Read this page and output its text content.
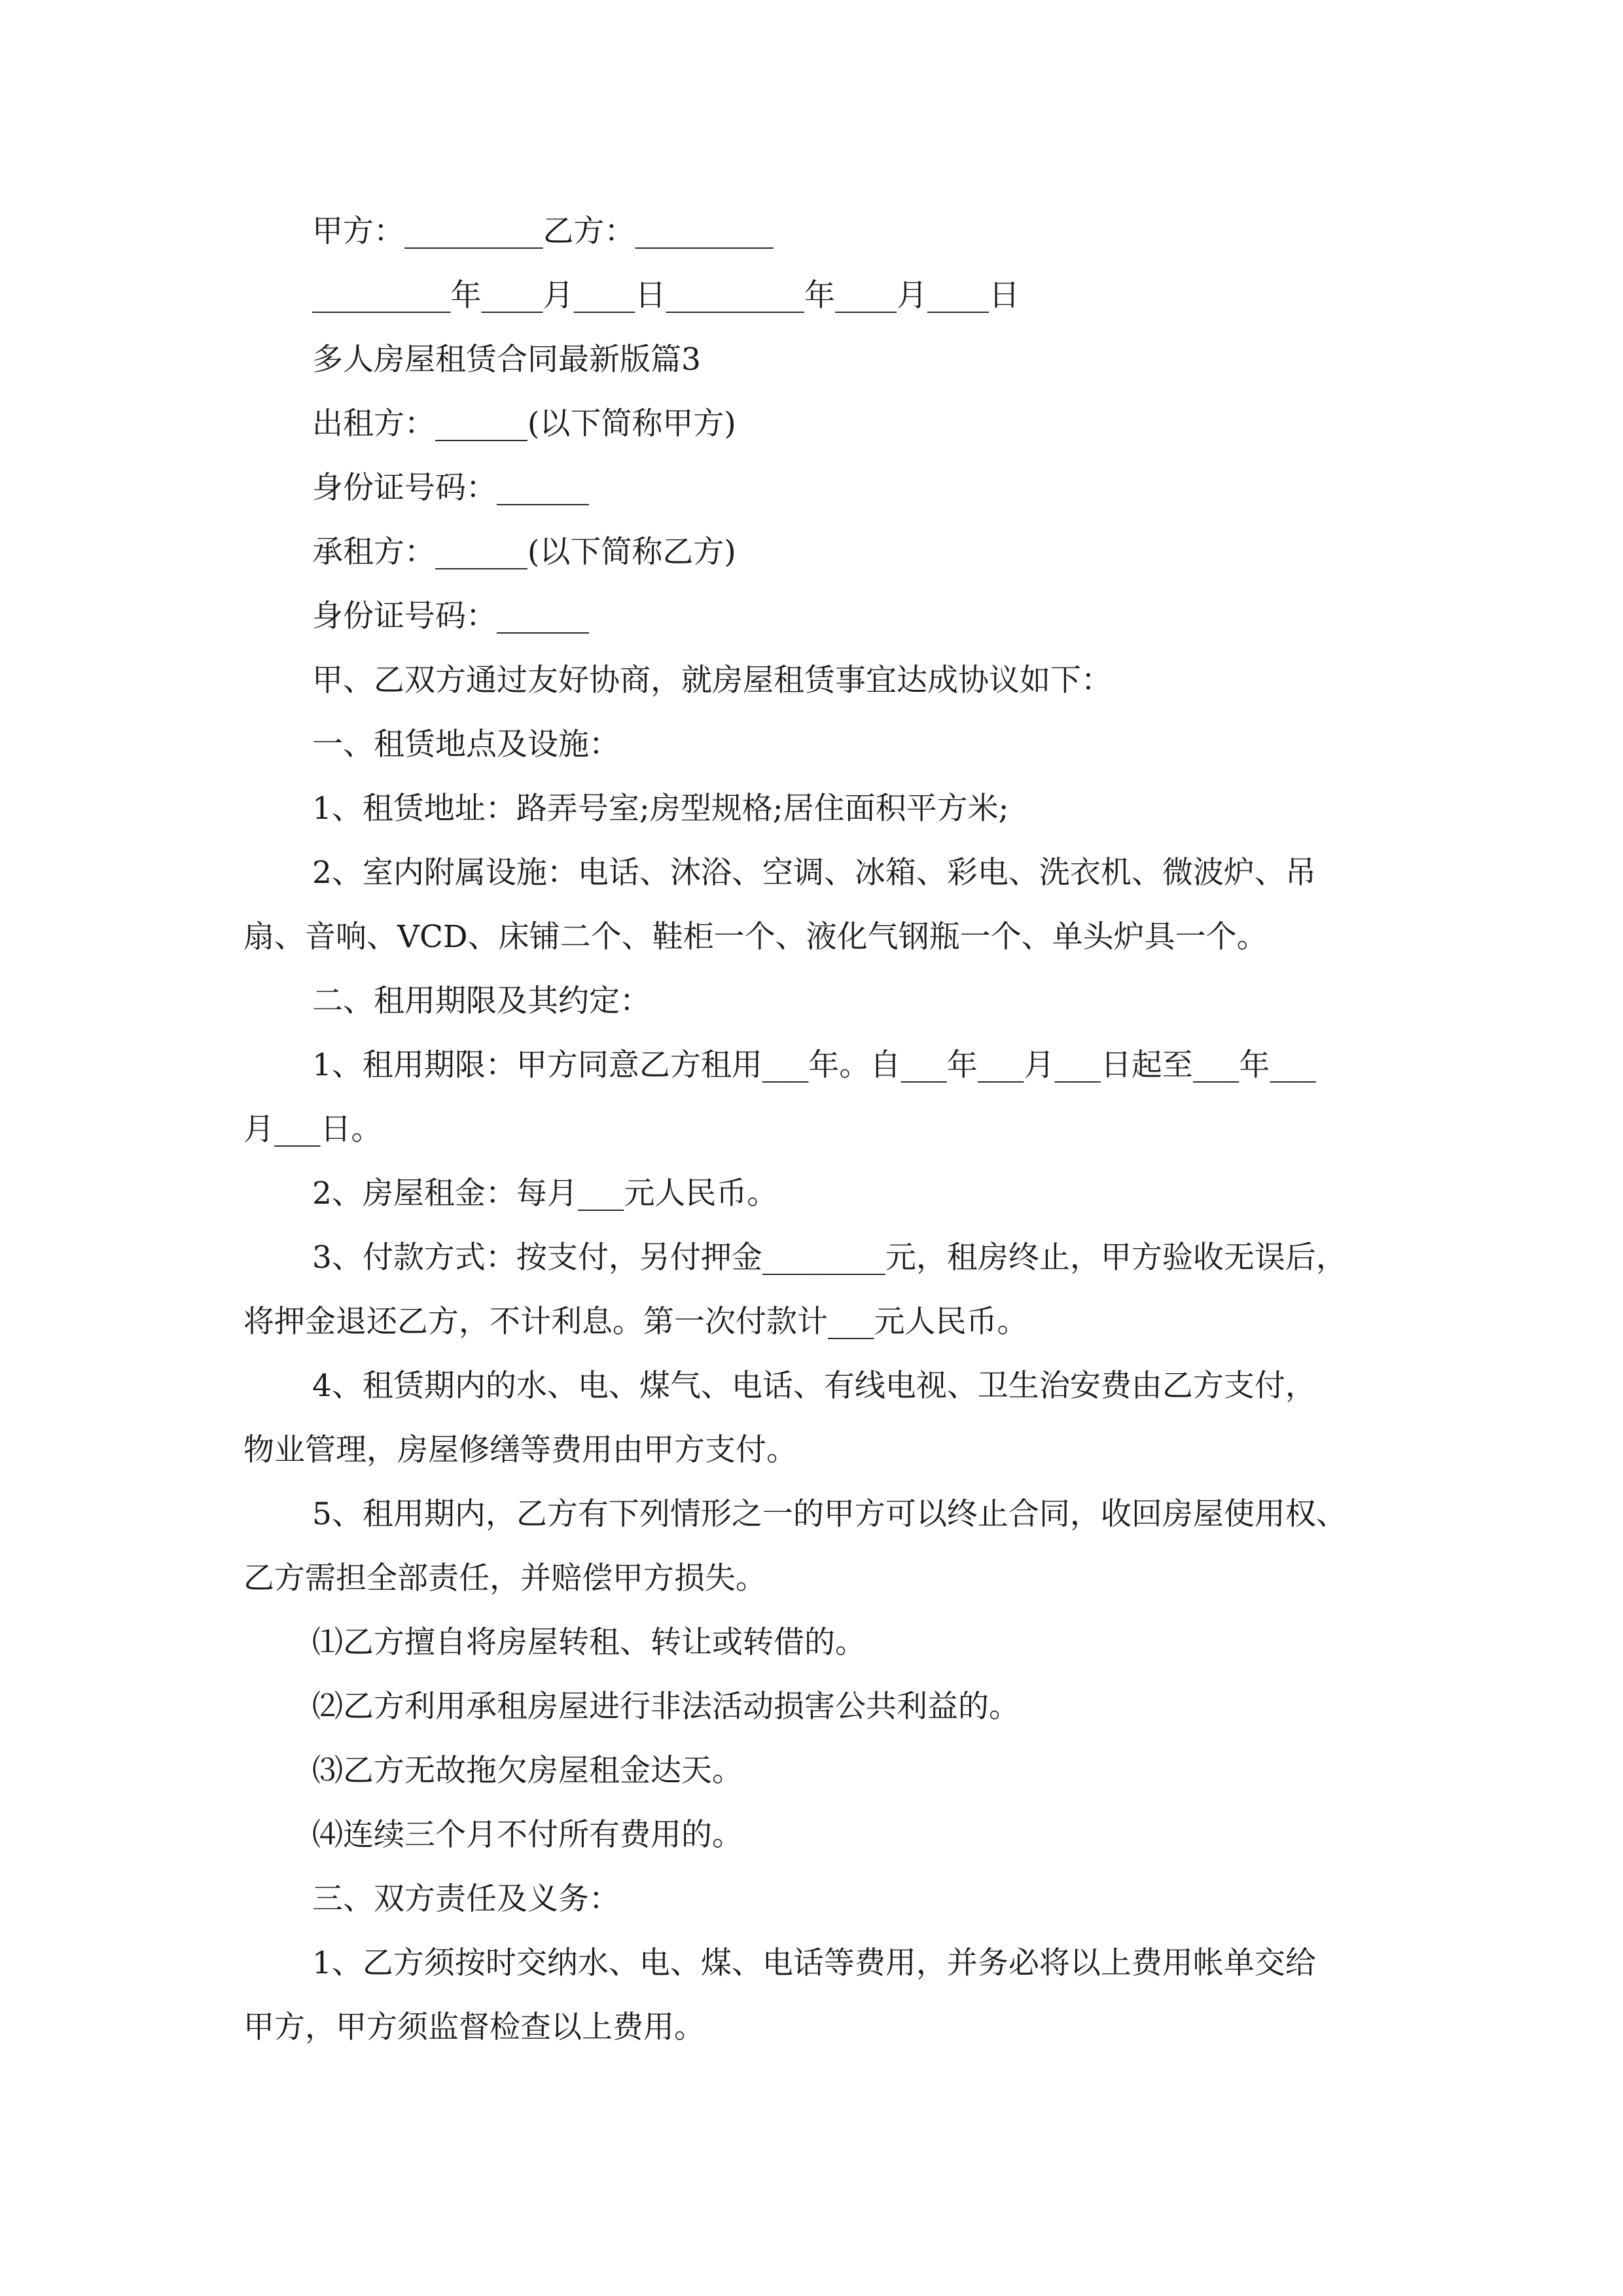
甲方：_________乙方：_________

_________年____月____日_________年____月____日

多人房屋租赁合同最新版篇3

出租方：______(以下简称甲方)

身份证号码：______

承租方：______(以下简称乙方)

身份证号码：______

甲、乙双方通过友好协商，就房屋租赁事宜达成协议如下：

一、租赁地点及设施：

1、租赁地址：路弄号室;房型规格;居住面积平方米;

2、室内附属设施：电话、沐浴、空调、冰箱、彩电、洗衣机、微波炉、吊

扇、音响、VCD、床铺二个、鞋柜一个、液化气钢瓶一个、单头炉具一个。

二、租用期限及其约定：

1、租用期限：甲方同意乙方租用___年。自___年___月___日起至___年___

月___日。

2、房屋租金：每月___元人民币。

3、付款方式：按支付，另付押金________元，租房终止，甲方验收无误后，

将押金退还乙方，不计利息。第一次付款计___元人民币。

4、租赁期内的水、电、煤气、电话、有线电视、卫生治安费由乙方支付，

物业管理，房屋修缮等费用由甲方支付。

5、租用期内，乙方有下列情形之一的甲方可以终止合同，收回房屋使用权、

乙方需担全部责任，并赔偿甲方损失。

⑴乙方擅自将房屋转租、转让或转借的。

⑵乙方利用承租房屋进行非法活动损害公共利益的。

⑶乙方无故拖欠房屋租金达天。

⑷连续三个月不付所有费用的。

三、双方责任及义务：

1、乙方须按时交纳水、电、煤、电话等费用，并务必将以上费用帐单交给

甲方，甲方须监督检查以上费用。
